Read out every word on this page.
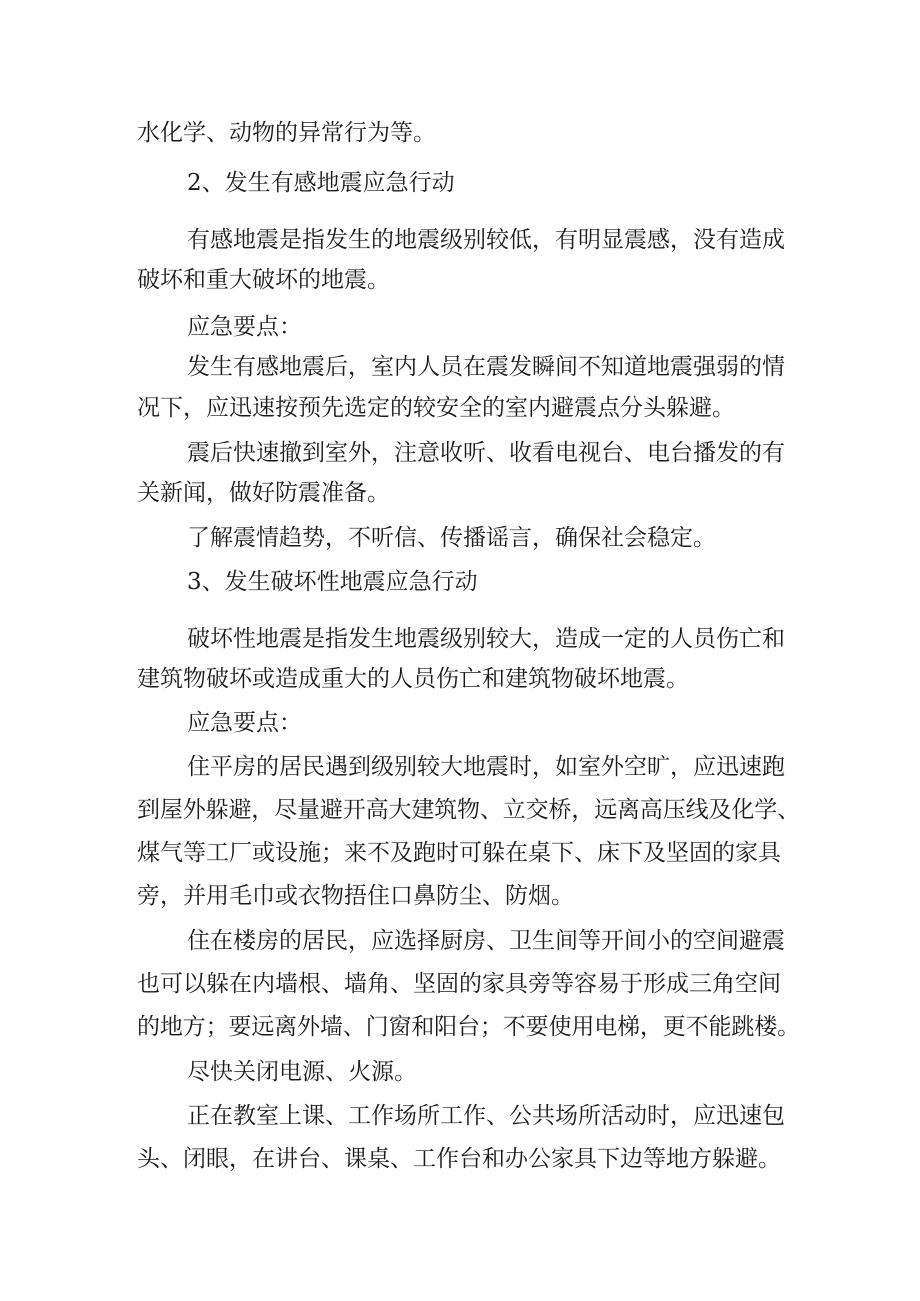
水化学、动物的异常行为等。
2、发生有感地震应急行动
有感地震是指发生的地震级别较低，有明显震感，没有造成
破坏和重大破坏的地震。
应急要点：
发生有感地震后，室内人员在震发瞬间不知道地震强弱的情
况下，应迅速按预先选定的较安全的室内避震点分头躲避。
震后快速撤到室外，注意收听、收看电视台、电台播发的有
关新闻，做好防震准备。
了解震情趋势，不听信、传播谣言，确保社会稳定。
3、发生破坏性地震应急行动
破坏性地震是指发生地震级别较大，造成一定的人员伤亡和
建筑物破坏或造成重大的人员伤亡和建筑物破坏地震。
应急要点：
住平房的居民遇到级别较大地震时，如室外空旷，应迅速跑
到屋外躲避，尽量避开高大建筑物、立交桥，远离高压线及化学、
煤气等工厂或设施；来不及跑时可躲在桌下、床下及坚固的家具
旁，并用毛巾或衣物捂住口鼻防尘、防烟。
住在楼房的居民，应选择厨房、卫生间等开间小的空间避震
也可以躲在内墙根、墙角、坚固的家具旁等容易于形成三角空间
的地方；要远离外墙、门窗和阳台；不要使用电梯，更不能跳楼。
尽快关闭电源、火源。
正在教室上课、工作场所工作、公共场所活动时，应迅速包
头、闭眼，在讲台、课桌、工作台和办公家具下边等地方躲避。
